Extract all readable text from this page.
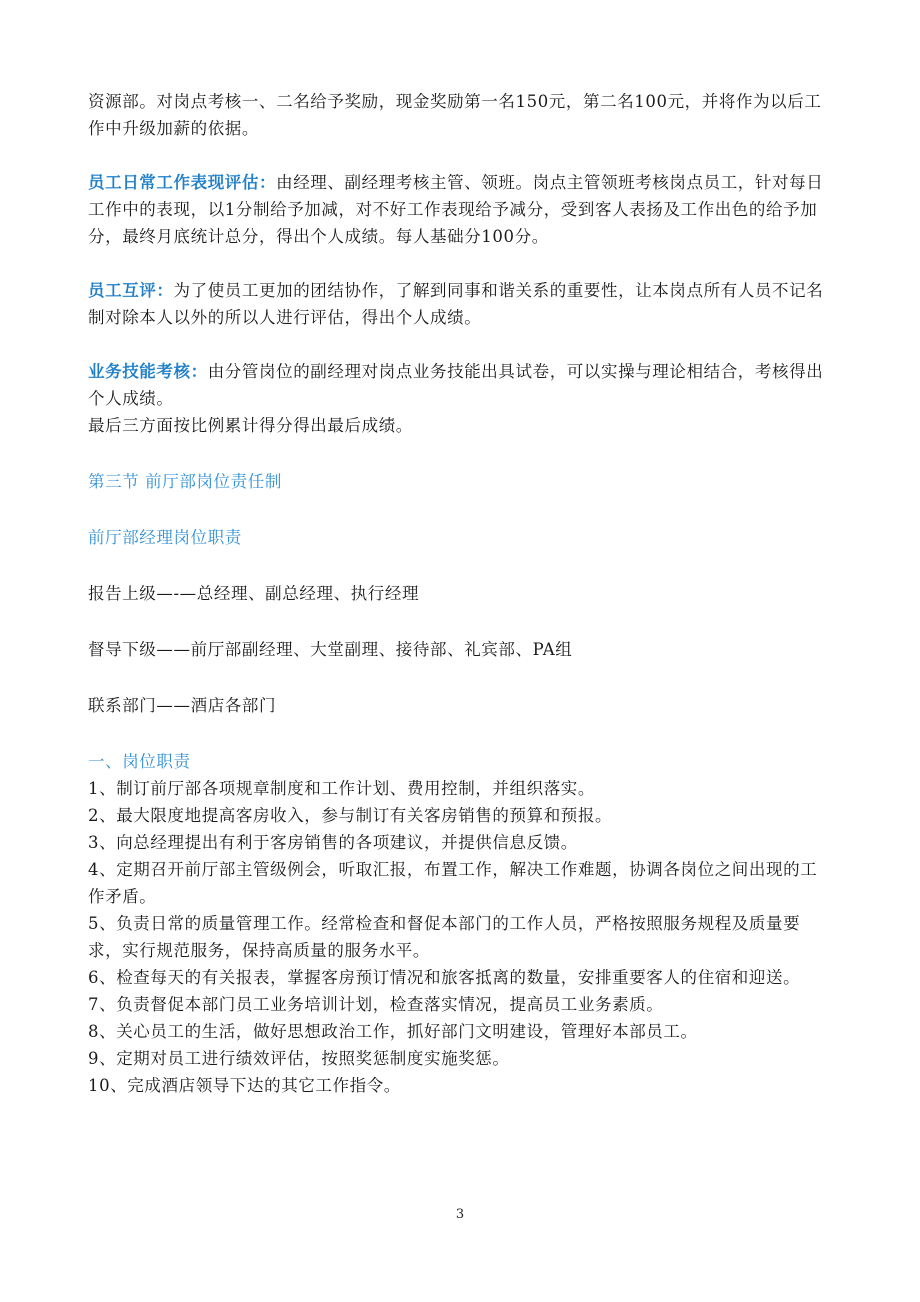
资源部。对岗点考核一、二名给予奖励，现金奖励第一名150元，第二名100元，并将作为以后工作中升级加薪的依据。

员工日常工作表现评估：由经理、副经理考核主管、领班。岗点主管领班考核岗点员工，针对每日工作中的表现，以1分制给予加减，对不好工作表现给予减分，受到客人表扬及工作出色的给予加分，最终月底统计总分，得出个人成绩。每人基础分100分。

员工互评：为了使员工更加的团结协作，了解到同事和谐关系的重要性，让本岗点所有人员不记名制对除本人以外的所以人进行评估，得出个人成绩。

业务技能考核：由分管岗位的副经理对岗点业务技能出具试卷，可以实操与理论相结合，考核得出个人成绩。

最后三方面按比例累计得分得出最后成绩。

第三节 前厅部岗位责任制

前厅部经理岗位职责

报告上级—-—总经理、副总经理、执行经理

督导下级——前厅部副经理、大堂副理、接待部、礼宾部、PA组

联系部门——酒店各部门

一、岗位职责

1、制订前厅部各项规章制度和工作计划、费用控制，并组织落实。
2、最大限度地提高客房收入，参与制订有关客房销售的预算和预报。
3、向总经理提出有利于客房销售的各项建议，并提供信息反馈。
4、定期召开前厅部主管级例会，听取汇报，布置工作，解决工作难题，协调各岗位之间出现的工作矛盾。
5、负责日常的质量管理工作。经常检查和督促本部门的工作人员，严格按照服务规程及质量要求，实行规范服务，保持高质量的服务水平。
6、检查每天的有关报表，掌握客房预订情况和旅客抵离的数量，安排重要客人的住宿和迎送。
7、负责督促本部门员工业务培训计划，检查落实情况，提高员工业务素质。
8、关心员工的生活，做好思想政治工作，抓好部门文明建设，管理好本部员工。
9、定期对员工进行绩效评估，按照奖惩制度实施奖惩。
10、完成酒店领导下达的其它工作指令。
3
